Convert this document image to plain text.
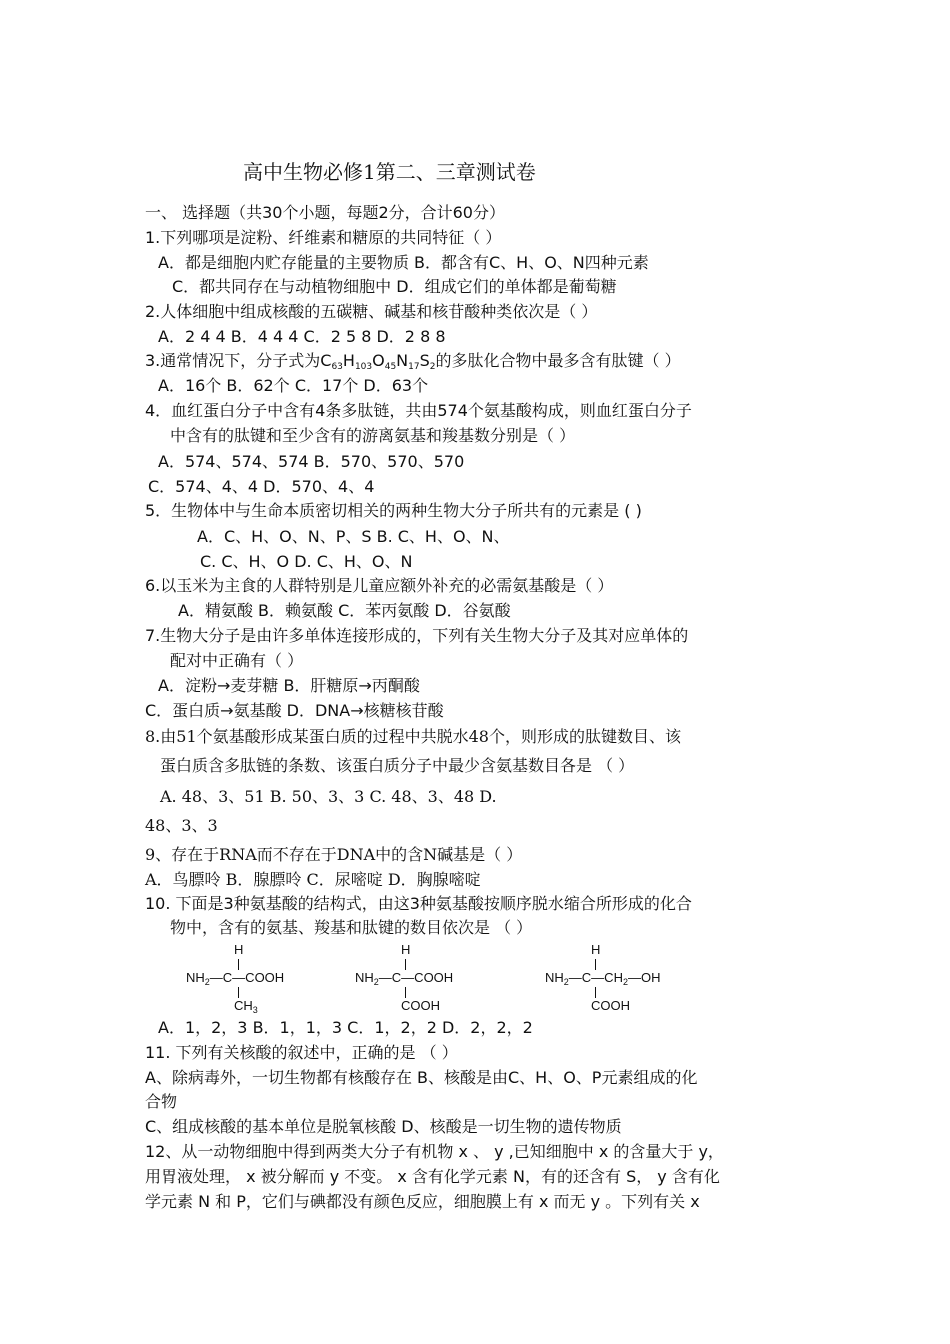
高中生物必修1第二、三章测试卷
一、 选择题（共30个小题，每题2分，合计60分）
1.下列哪项是淀粉、纤维素和糖原的共同特征（ ）
A．都是细胞内贮存能量的主要物质 B．都含有C、H、O、N四种元素
C．都共同存在与动植物细胞中 D．组成它们的单体都是葡萄糖
2.人体细胞中组成核酸的五碳糖、碱基和核苷酸种类依次是（ ）
A．2 4 4 B．4 4 4 C．2 5 8 D．2 8 8
3.通常情况下，分子式为$C_{63}H_{103}O_{45}N_{17}S_2$的多肽化合物中最多含有肽键（ ）
A．16个 B．62个 C．17个 D．63个
4．血红蛋白分子中含有4条多肽链，共由574个氨基酸构成，则血红蛋白分子
中含有的肽键和至少含有的游离氨基和羧基数分别是（ ）
A．574、574、574 B．570、570、570
C．574、4、4 D．570、4、4
5．生物体中与生命本质密切相关的两种生物大分子所共有的元素是 ( )
A．C、H、O、N、P、S B. C、H、O、N、
C. C、H、O D. C、H、O、N
6.以玉米为主食的人群特别是儿童应额外补充的必需氨基酸是（ ）
A．精氨酸 B．赖氨酸 C．苯丙氨酸 D．谷氨酸
7.生物大分子是由许多单体连接形成的，下列有关生物大分子及其对应单体的
配对中正确有（ ）
A．淀粉→麦芽糖 B．肝糖原→丙酮酸
C．蛋白质→氨基酸 D．DNA→核糖核苷酸
8.由51个氨基酸形成某蛋白质的过程中共脱水48个，则形成的肽键数目、该
蛋白质含多肽链的条数、该蛋白质分子中最少含氨基数目各是 （ ）
A. 48、3、51 B. 50、3、3 C. 48、3、48 D.
48、3、3
9、存在于RNA而不存在于DNA中的含N碱基是（ ）
A．鸟膘呤 B．腺膘呤 C．尿嘧啶 D．胸腺嘧啶
10. 下面是3种氨基酸的结构式，由这3种氨基酸按顺序脱水缩合所形成的化合
物中，含有的氨基、羧基和肽键的数目依次是 （ ）
H
$NH_2—C—COOH$
$CH_3$
H
$NH_2—C—COOH$
COOH
H
$NH_2—C—CH_2—OH$
COOH
A．1，2，3 B．1，1，3 C．1，2，2 D．2，2，2
11. 下列有关核酸的叙述中，正确的是 （ ）
A、除病毒外，一切生物都有核酸存在 B、核酸是由C、H、O、P元素组成的化
合物
C、组成核酸的基本单位是脱氧核酸 D、核酸是一切生物的遗传物质
12、从一动物细胞中得到两类大分子有机物 x 、 y ,已知细胞中 x 的含量大于 y，
用胃液处理， x 被分解而 y 不变。 x 含有化学元素 N，有的还含有 S， y 含有化
学元素 N 和 P，它们与碘都没有颜色反应，细胞膜上有 x 而无 y 。下列有关 x
